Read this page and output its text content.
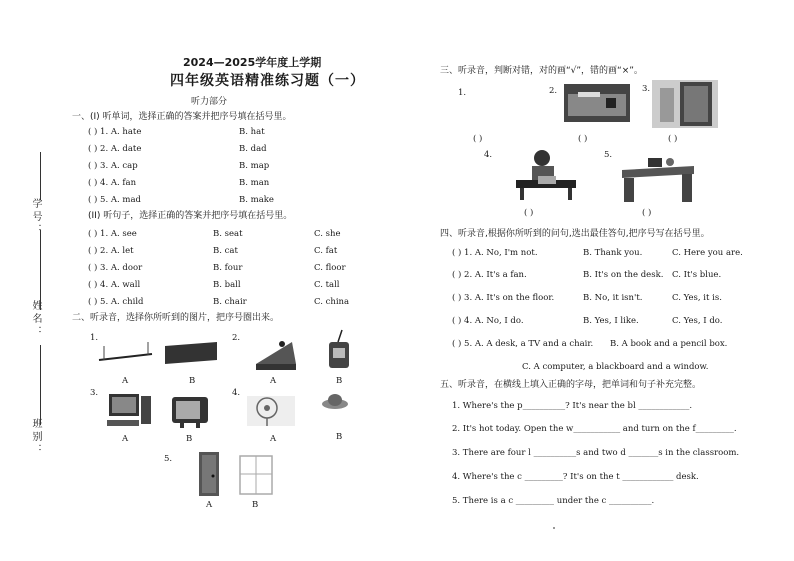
学号：
姓名：
班别：
2024—2025学年度上学期
四年级英语精准练习题（一）
听力部分
一、(I) 听单词，选择正确的答案并把序号填在括号里。
( ) 1. A. hate	B. hat
( ) 2. A. date	B. dad
( ) 3. A. cap	B. map
( ) 4. A. fan	B. man
( ) 5. A. mad	B. make
(II) 听句子，选择正确的答案并把序号填在括号里。
( ) 1. A. see	B. seat	C. she
( ) 2. A. let	B. cat	C. fat
( ) 3. A. door	B. four	C. floor
( ) 4. A. wall	B. ball	C. tall
( ) 5. A. child	B. chair	C. china
二、听录音，选择你所听到的图片，把序号圈出来。
1.
A	B
2.
A	B
3.
A	B
4.
A	B
5.
A	B
三、听录音，判断对错，对的画“√”，错的画“×”。
1.
( )
2.
( )
3.
( )
4.
( )
5.
( )
四、听录音,根据你所听到的问句,选出最佳答句,把序号写在括号里。
( ) 1. A. No, I'm not.	B. Thank you.	C. Here you are.
( ) 2. A. It's a fan.	B. It's on the desk. C. It's blue.
( ) 3. A. It's on the floor.	B. No, it isn't.	C. Yes, it is.
( ) 4. A. No, I do.	B. Yes, I like.	C. Yes, I do.
( ) 5. A. A desk, a TV and a chair. B. A book and a pencil box.
C. A computer, a blackboard and a window.
五、听录音，在横线上填入正确的字母，把单词和句子补充完整。
1. Where's the p__________? It's near the bl ____________.
2. It's hot today. Open the w___________ and turn on the f_________.
3. There are four l __________s and two d _______s in the classroom.
4. Where's the c _________? It's on the t ____________ desk.
5. There is a c _________ under the c __________.
